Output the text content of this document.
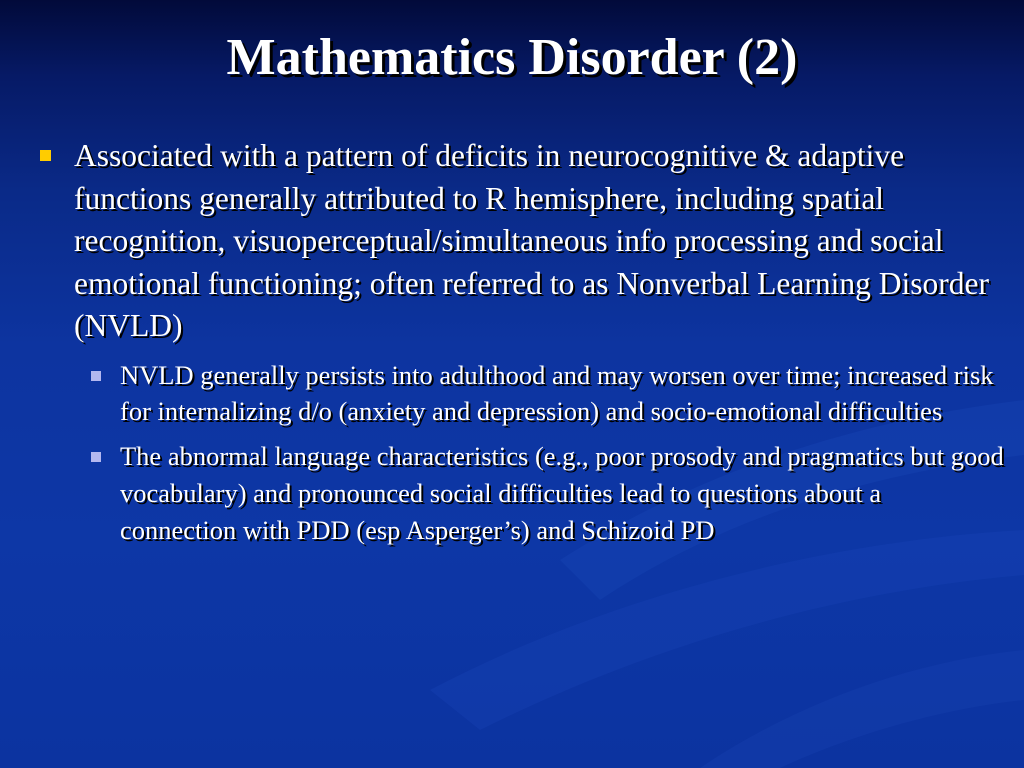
Mathematics Disorder (2)
Associated with a pattern of deficits in neurocognitive & adaptive functions generally attributed to R hemisphere, including spatial recognition, visuoperceptual/simultaneous info processing and social emotional functioning; often referred to as Nonverbal Learning Disorder (NVLD)
NVLD generally persists into adulthood and may worsen over time; increased risk for internalizing d/o (anxiety and depression) and socio-emotional difficulties
The abnormal language characteristics (e.g., poor prosody and pragmatics but good vocabulary) and pronounced social difficulties lead to questions about a connection with PDD (esp Asperger’s) and Schizoid PD
